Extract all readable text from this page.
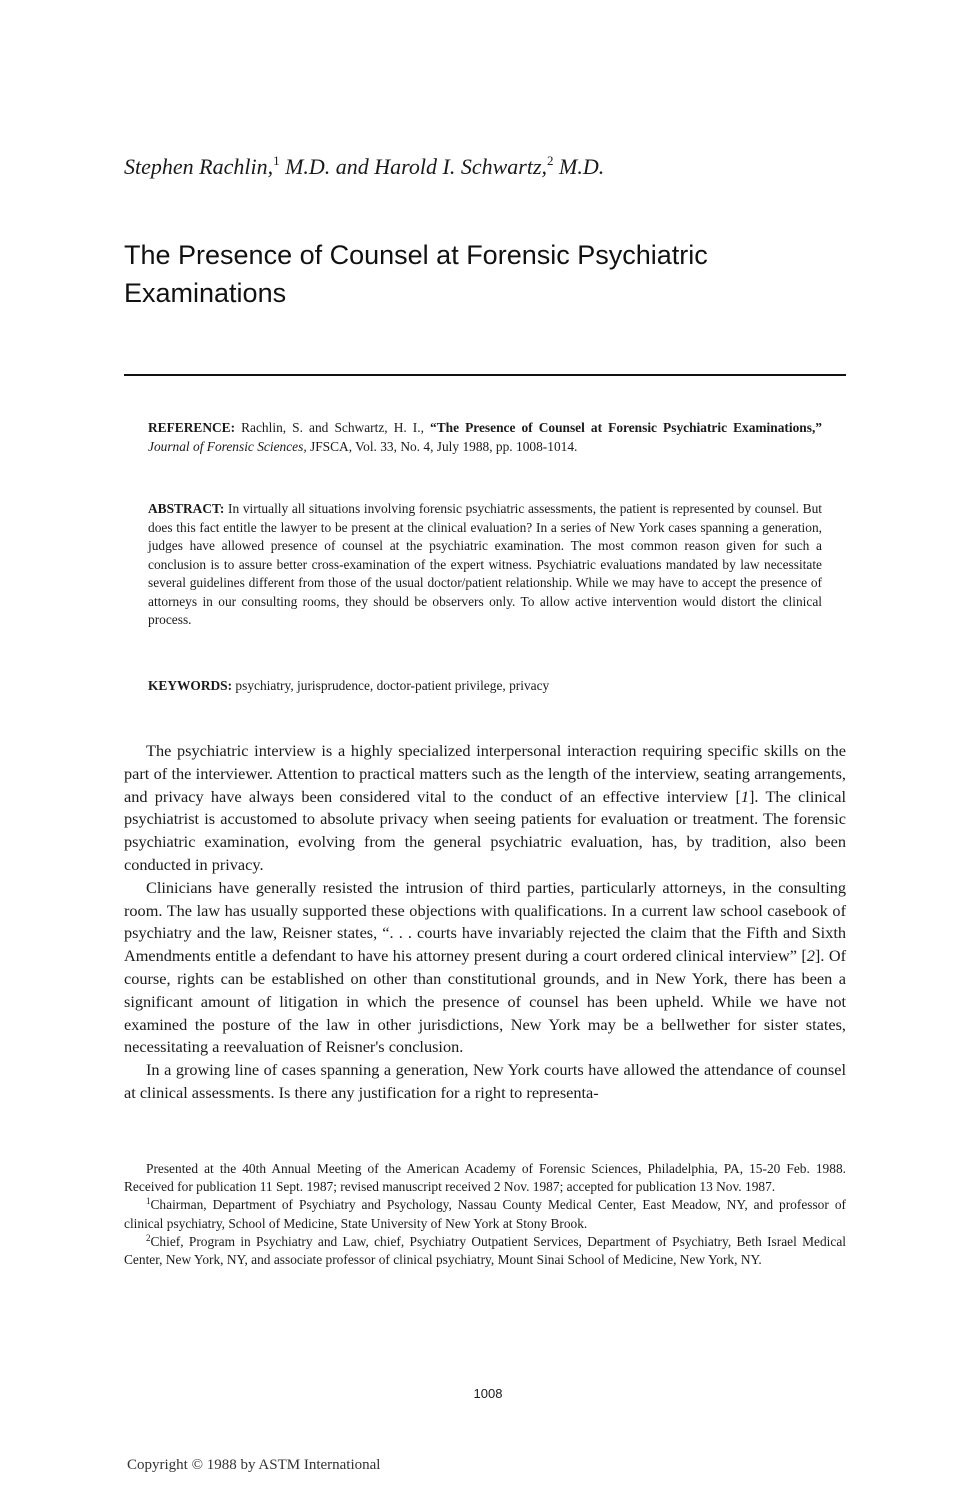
Stephen Rachlin,$^1$ M.D. and Harold I. Schwartz,$^2$ M.D.
The Presence of Counsel at Forensic Psychiatric Examinations
REFERENCE: Rachlin, S. and Schwartz, H. I., “The Presence of Counsel at Forensic Psychiatric Examinations,” Journal of Forensic Sciences, JFSCA, Vol. 33, No. 4, July 1988, pp. 1008-1014.
ABSTRACT: In virtually all situations involving forensic psychiatric assessments, the patient is represented by counsel. But does this fact entitle the lawyer to be present at the clinical evaluation? In a series of New York cases spanning a generation, judges have allowed presence of counsel at the psychiatric examination. The most common reason given for such a conclusion is to assure better cross-examination of the expert witness. Psychiatric evaluations mandated by law necessitate several guidelines different from those of the usual doctor/patient relationship. While we may have to accept the presence of attorneys in our consulting rooms, they should be observers only. To allow active intervention would distort the clinical process.
KEYWORDS: psychiatry, jurisprudence, doctor-patient privilege, privacy

The psychiatric interview is a highly specialized interpersonal interaction requiring specific skills on the part of the interviewer. Attention to practical matters such as the length of the interview, seating arrangements, and privacy have always been considered vital to the conduct of an effective interview [1]. The clinical psychiatrist is accustomed to absolute privacy when seeing patients for evaluation or treatment. The forensic psychiatric examination, evolving from the general psychiatric evaluation, has, by tradition, also been conducted in privacy.

Clinicians have generally resisted the intrusion of third parties, particularly attorneys, in the consulting room. The law has usually supported these objections with qualifications. In a current law school casebook of psychiatry and the law, Reisner states, “. . . courts have invariably rejected the claim that the Fifth and Sixth Amendments entitle a defendant to have his attorney present during a court ordered clinical interview” [2]. Of course, rights can be established on other than constitutional grounds, and in New York, there has been a significant amount of litigation in which the presence of counsel has been upheld. While we have not examined the posture of the law in other jurisdictions, New York may be a bellwether for sister states, necessitating a reevaluation of Reisner's conclusion.

In a growing line of cases spanning a generation, New York courts have allowed the attendance of counsel at clinical assessments. Is there any justification for a right to representa-

Presented at the 40th Annual Meeting of the American Academy of Forensic Sciences, Philadelphia, PA, 15-20 Feb. 1988. Received for publication 11 Sept. 1987; revised manuscript received 2 Nov. 1987; accepted for publication 13 Nov. 1987.

$^1$Chairman, Department of Psychiatry and Psychology, Nassau County Medical Center, East Meadow, NY, and professor of clinical psychiatry, School of Medicine, State University of New York at Stony Brook.

$^2$Chief, Program in Psychiatry and Law, chief, Psychiatry Outpatient Services, Department of Psychiatry, Beth Israel Medical Center, New York, NY, and associate professor of clinical psychiatry, Mount Sinai School of Medicine, New York, NY.

1008
Copyright © 1988 by ASTM International
